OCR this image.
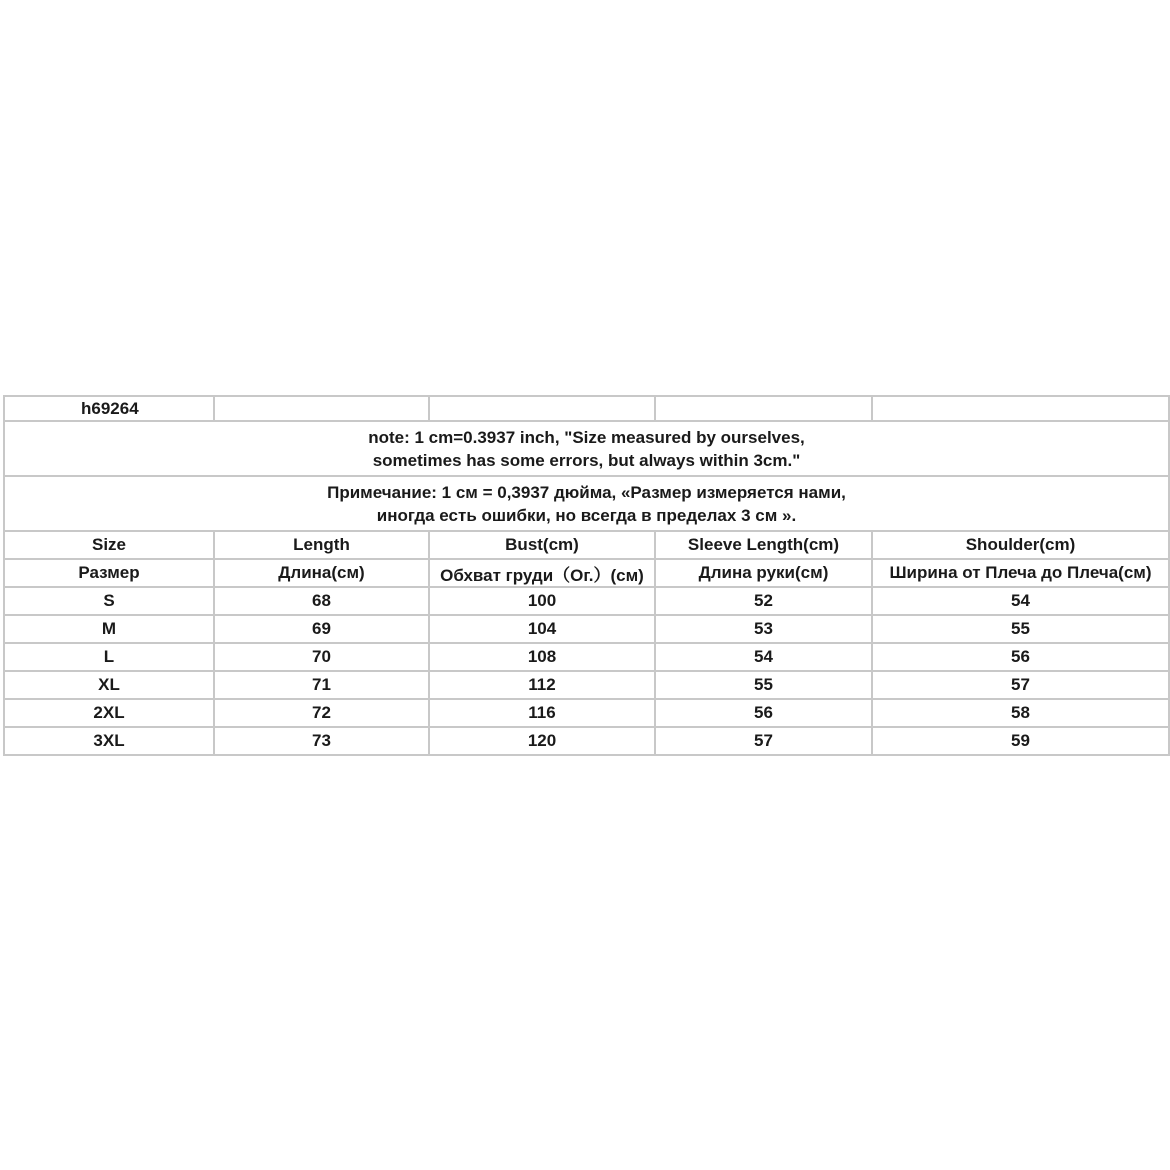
h69264				

note: 1 cm=0.3937 inch, "Size measured by ourselves,
sometimes has some errors, but always within 3cm."				

Примечание: 1 см = 0,3937 дюйма, «Размер измеряется нами,
иногда есть ошибки, но всегда в пределах 3 см ».				

Size	Length	Bust(cm)	Sleeve Length(cm)	Shoulder(cm)
Размер	Длина(см)	Обхват груди（Ог.）(см)	Длина руки(см)	Ширина от Плеча до Плеча(см)
S	68	100	52	54
M	69	104	53	55
L	70	108	54	56
XL	71	112	55	57
2XL	72	116	56	58
3XL	73	120	57	59
